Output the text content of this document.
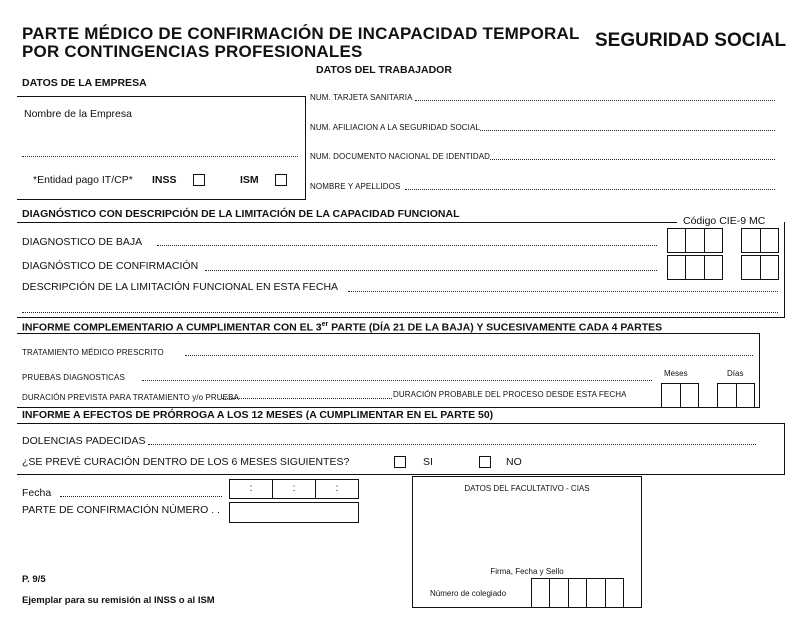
PARTE MÉDICO DE CONFIRMACIÓN DE INCAPACIDAD TEMPORAL
POR CONTINGENCIAS PROFESIONALES
SEGURIDAD SOCIAL
DATOS DE LA EMPRESA
Nombre de la Empresa
*Entidad pago IT/CP* INSS	ISM
DATOS DEL TRABAJADOR
NUM. TARJETA SANITARIA
NUM. AFILIACION A LA SEGURIDAD SOCIAL
NUM. DOCUMENTO NACIONAL DE IDENTIDAD
NOMBRE Y APELLIDOS
DIAGNÓSTICO CON DESCRIPCIÓN DE LA LIMITACIÓN DE LA CAPACIDAD FUNCIONAL
Código CIE-9 MC
DIAGNOSTICO DE BAJA
DIAGNÓSTICO DE CONFIRMACIÓN
DESCRIPCIÓN DE LA LIMITACIÓN FUNCIONAL EN ESTA FECHA
INFORME COMPLEMENTARIO A CUMPLIMENTAR CON EL 3er PARTE (DÍA 21 DE LA BAJA) Y SUCESIVAMENTE CADA 4 PARTES
TRATAMIENTO MÉDICO PRESCRITO
PRUEBAS DIAGNOSTICAS	Meses	Días
DURACIÓN PREVISTA PARA TRATAMIENTO y/o PRUEBA	DURACIÓN PROBABLE DEL PROCESO DESDE ESTA FECHA
INFORME A EFECTOS DE PRÓRROGA A LOS 12 MESES (A CUMPLIMENTAR EN EL PARTE 50)
DOLENCIAS PADECIDAS
¿SE PREVÉ CURACIÓN DENTRO DE LOS 6 MESES SIGUIENTES?	SI	NO
Fecha	:	:	:
PARTE DE CONFIRMACIÓN NÚMERO . .
P. 9/5
Ejemplar para su remisión al INSS o al ISM
DATOS DEL FACULTATIVO - CIAS
Firma, Fecha y Sello
Número de colegiado
